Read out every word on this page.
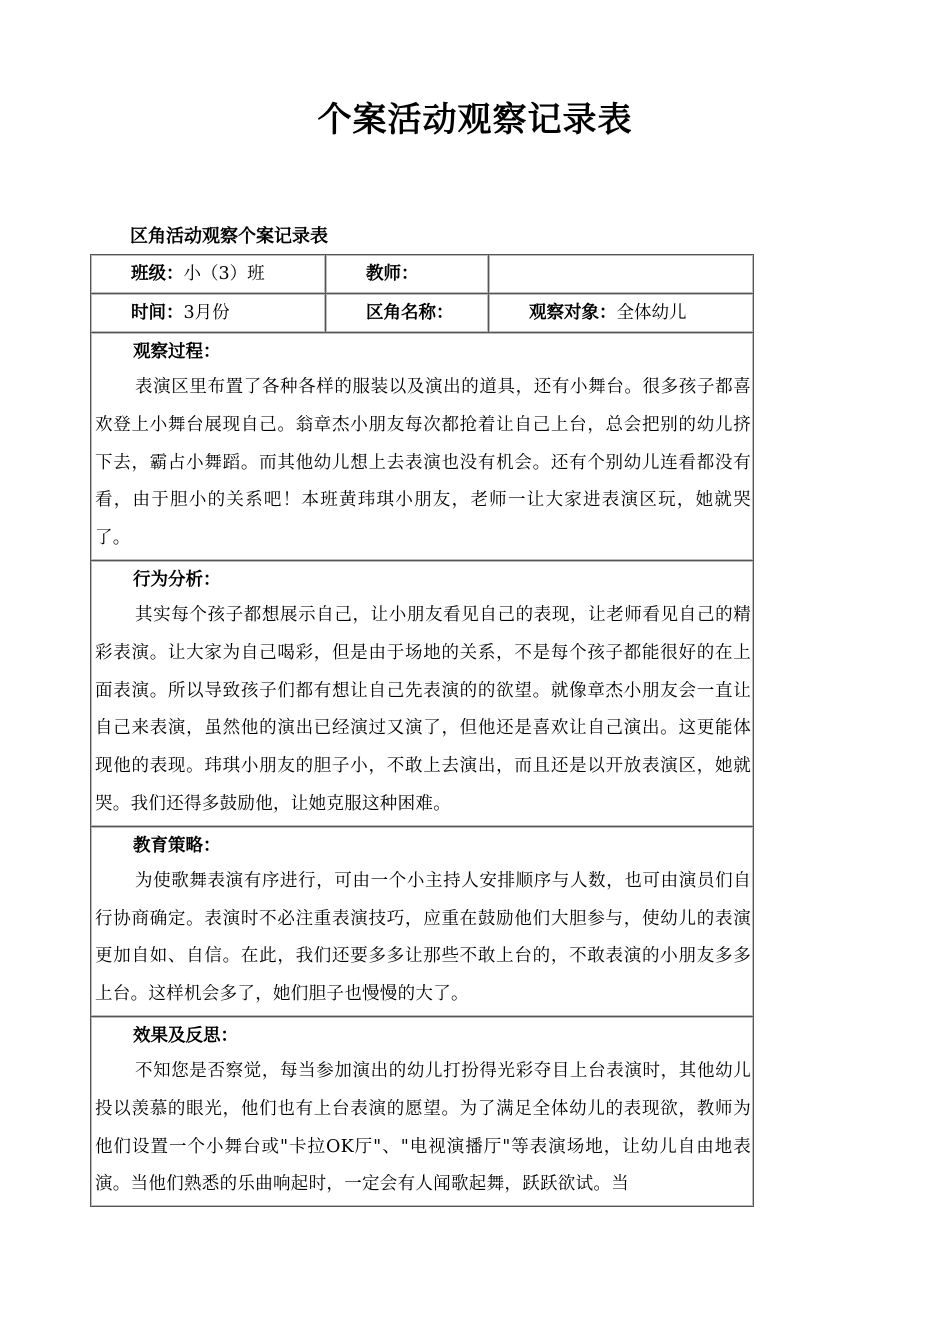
个案活动观察记录表
区角活动观察个案记录表
班级：小（3）班	教师：	

时间：3月份	区角名称：	观察对象：全体幼儿

观察过程：
表演区里布置了各种各样的服装以及演出的道具，还有小舞台。很多孩子都喜欢登上小舞台展现自己。翁章杰小朋友每次都抢着让自己上台，总会把别的幼儿挤下去，霸占小舞蹈。而其他幼儿想上去表演也没有机会。还有个别幼儿连看都没有看，由于胆小的关系吧！本班黄玮琪小朋友，老师一让大家进表演区玩，她就哭了。		

行为分析：
其实每个孩子都想展示自己，让小朋友看见自己的表现，让老师看见自己的精彩表演。让大家为自己喝彩，但是由于场地的关系，不是每个孩子都能很好的在上面表演。所以导致孩子们都有想让自己先表演的的欲望。就像章杰小朋友会一直让自己来表演，虽然他的演出已经演过又演了，但他还是喜欢让自己演出。这更能体现他的表现。玮琪小朋友的胆子小，不敢上去演出，而且还是以开放表演区，她就哭。我们还得多鼓励他，让她克服这种困难。		

教育策略：
为使歌舞表演有序进行，可由一个小主持人安排顺序与人数，也可由演员们自行协商确定。表演时不必注重表演技巧，应重在鼓励他们大胆参与，使幼儿的表演更加自如、自信。在此，我们还要多多让那些不敢上台的，不敢表演的小朋友多多上台。这样机会多了，她们胆子也慢慢的大了。		

效果及反思：
不知您是否察觉，每当参加演出的幼儿打扮得光彩夺目上台表演时，其他幼儿投以羡慕的眼光，他们也有上台表演的愿望。为了满足全体幼儿的表现欲，教师为他们设置一个小舞台或"卡拉OK厅"、"电视演播厅"等表演场地，让幼儿自由地表演。当他们熟悉的乐曲响起时，一定会有人闻歌起舞，跃跃欲试。当		
